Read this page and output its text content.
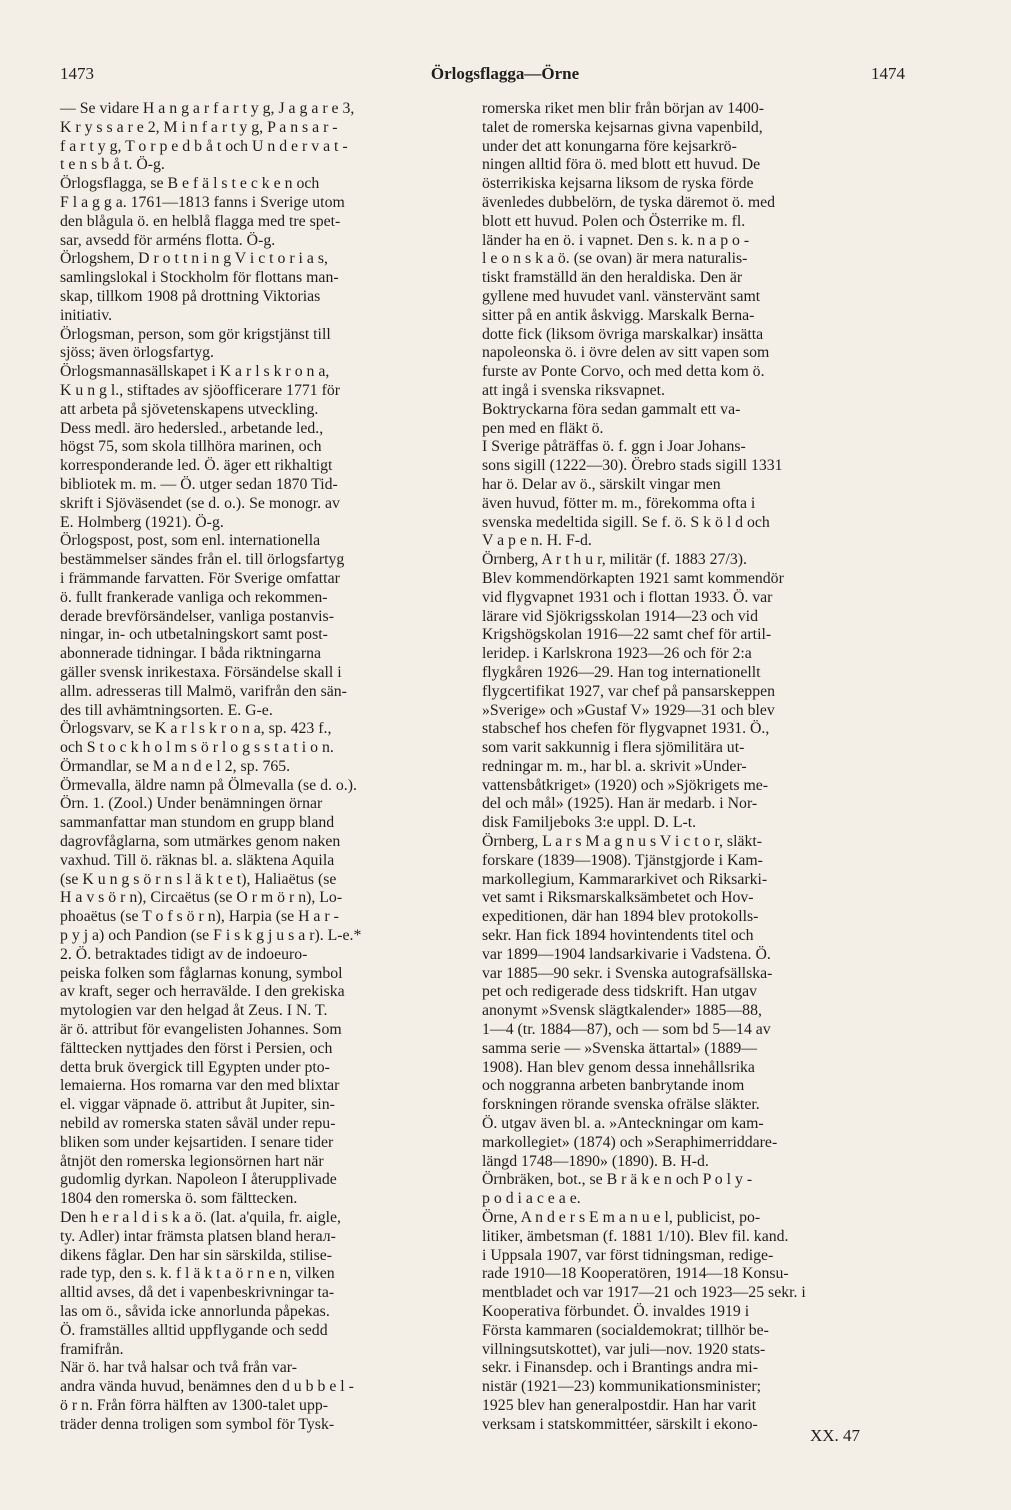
1473	Örlogsflagga—Örne	1474
— Se vidare H a n g a r f a r t y g, J a g a r e 3,
K r y s s a r e 2, M i n f a r t y g, P a n s a r -
f a r t y g, T o r p e d b å t och U n d e r v a t -
t e n s b å t. Ö-g.
Örlogsflagga, se B e f ä l s t e c k e n och
F l a g g a. 1761—1813 fanns i Sverige utom
den blågula ö. en helblå flagga med tre spet-
sar, avsedd för arméns flotta. Ö-g.
Örlogshem, D r o t t n i n g V i c t o r i a s,
samlingslokal i Stockholm för flottans man-
skap, tillkom 1908 på drottning Viktorias
initiativ.
Örlogsman, person, som gör krigstjänst till
sjöss; även örlogsfartyg.
Örlogsmannasällskapet i K a r l s k r o n a,
K u n g l., stiftades av sjöofficerare 1771 för
att arbeta på sjövetenskapens utveckling.
Dess medl. äro hedersled., arbetande led.,
högst 75, som skola tillhöra marinen, och
korresponderande led. Ö. äger ett rikhaltigt
bibliotek m. m. — Ö. utger sedan 1870 Tid-
skrift i Sjöväsendet (se d. o.). Se monogr. av
E. Holmberg (1921). Ö-g.
Örlogspost, post, som enl. internationella
bestämmelser sändes från el. till örlogsfartyg
i främmande farvatten. För Sverige omfattar
ö. fullt frankerade vanliga och rekommen-
derade brevförsändelser, vanliga postanvis-
ningar, in- och utbetalningskort samt post-
abonnerade tidningar. I båda riktningarna
gäller svensk inrikestaxa. Försändelse skall i
allm. adresseras till Malmö, varifrån den sän-
des till avhämtningsorten. E. G-e.
Örlogsvarv, se K a r l s k r o n a, sp. 423 f.,
och S t o c k h o l m s ö r l o g s s t a t i o n.
Örmandlar, se M a n d e l 2, sp. 765.
Örmevalla, äldre namn på Ölmevalla (se d. o.).
Örn. 1. (Zool.) Under benämningen örnar
sammanfattar man stundom en grupp bland
dagrovfåglarna, som utmärkes genom naken
vaxhud. Till ö. räknas bl. a. släktena Aquila
(se K u n g s ö r n s l ä k t e t), Haliaëtus (se
H a v s ö r n), Circaëtus (se O r m ö r n), Lo-
phoaëtus (se T o f s ö r n), Harpia (se H a r -
p y j a) och Pandion (se F i s k g j u s a r). L-e.*
2. Ö. betraktades tidigt av de indoeuro-
peiska folken som fåglarnas konung, symbol
av kraft, seger och herravälde. I den grekiska
mytologien var den helgad åt Zeus. I N. T.
är ö. attribut för evangelisten Johannes. Som
fälttecken nyttjades den först i Persien, och
detta bruk övergick till Egypten under pto-
lemaierna. Hos romarna var den med blixtar
el. viggar väpnade ö. attribut åt Jupiter, sin-
nebild av romerska staten såväl under repu-
bliken som under kejsartiden. I senare tider
åtnjöt den romerska legionsörnen hart när
gudomlig dyrkan. Napoleon I återupplivade
1804 den romerska ö. som fälttecken.
Den h e r a l d i s k a ö. (lat. a'quila, fr. aigle,
ty. Adler) intar främsta platsen bland herал-
dikens fåglar. Den har sin särskilda, stilise-
rade typ, den s. k. f l ä k t a ö r n e n, vilken
alltid avses, då det i vapenbeskrivningar ta-
las om ö., såvida icke annorlunda påpekas.
Ö. framställes alltid uppflygande och sedd
framifrån.
När ö. har två halsar och två från var-
andra vända huvud, benämnes den d u b b e l -
ö r n. Från förra hälften av 1300-talet upp-
träder denna troligen som symbol för Tysk-
romerska riket men blir från början av 1400-
talet de romerska kejsarnas givna vapenbild,
under det att konungarna före kejsarkrö-
ningen alltid föra ö. med blott ett huvud. De
österrikiska kejsarna liksom de ryska förde
ävenledes dubbelörn, de tyska däremot ö. med
blott ett huvud. Polen och Österrike m. fl.
länder ha en ö. i vapnet. Den s. k. n a p o -
l e o n s k a ö. (se ovan) är mera naturalis-
tiskt framställd än den heraldiska. Den är
gyllene med huvudet vanl. vänstervänt samt
sitter på en antik åskvigg. Marskalk Berna-
dotte fick (liksom övriga marskalkar) insätta
napoleonska ö. i övre delen av sitt vapen som
furste av Ponte Corvo, och med detta kom ö.
att ingå i svenska riksvapnet.
Boktryckarna föra sedan gammalt ett va-
pen med en fläkt ö.
I Sverige påträffas ö. f. ggn i Joar Johans-
sons sigill (1222—30). Örebro stads sigill 1331
har ö. Delar av ö., särskilt vingar men
även huvud, fötter m. m., förekomma ofta i
svenska medeltida sigill. Se f. ö. S k ö l d och
V a p e n. H. F-d.
Örnberg, A r t h u r, militär (f. 1883 27/3).
Blev kommendörkapten 1921 samt kommendör
vid flygvapnet 1931 och i flottan 1933. Ö. var
lärare vid Sjökrigsskolan 1914—23 och vid
Krigshögskolan 1916—22 samt chef för artil-
leridep. i Karlskrona 1923—26 och för 2:a
flygkåren 1926—29. Han tog internationellt
flygcertifikat 1927, var chef på pansarskeppen
»Sverige» och »Gustaf V» 1929—31 och blev
stabschef hos chefen för flygvapnet 1931. Ö.,
som varit sakkunnig i flera sjömilitära ut-
redningar m. m., har bl. a. skrivit »Under-
vattensbåtkriget» (1920) och »Sjökrigets me-
del och mål» (1925). Han är medarb. i Nor-
disk Familjeboks 3:e uppl. D. L-t.
Örnberg, L a r s M a g n u s V i c t o r, släkt-
forskare (1839—1908). Tjänstgjorde i Kam-
markollegium, Kammararkivet och Riksarki-
vet samt i Riksmarskalksämbetet och Hov-
expeditionen, där han 1894 blev protokolls-
sekr. Han fick 1894 hovintendents titel och
var 1899—1904 landsarkivarie i Vadstena. Ö.
var 1885—90 sekr. i Svenska autografsällska-
pet och redigerade dess tidskrift. Han utgav
anonymt »Svensk slägtkalender» 1885—88,
1—4 (tr. 1884—87), och — som bd 5—14 av
samma serie — »Svenska ättartal» (1889—
1908). Han blev genom dessa innehållsrika
och noggranna arbeten banbrytande inom
forskningen rörande svenska ofrälse släkter.
Ö. utgav även bl. a. »Anteckningar om kam-
markollegiet» (1874) och »Seraphimerriddare-
längd 1748—1890» (1890). B. H-d.
Örnbräken, bot., se B r ä k e n och P o l y -
p o d i a c e a e.
Örne, A n d e r s E m a n u e l, publicist, po-
litiker, ämbetsman (f. 1881 1/10). Blev fil. kand.
i Uppsala 1907, var först tidningsman, redige-
rade 1910—18 Kooperatören, 1914—18 Konsu-
mentbladet och var 1917—21 och 1923—25 sekr. i
Kooperativa förbundet. Ö. invaldes 1919 i
Första kammaren (socialdemokrat; tillhör be-
villningsutskottet), var juli—nov. 1920 stats-
sekr. i Finansdep. och i Brantings andra mi-
nistär (1921—23) kommunikationsminister;
1925 blev han generalpostdir. Han har varit
verksam i statskommittéer, särskilt i ekono-
XX. 47
